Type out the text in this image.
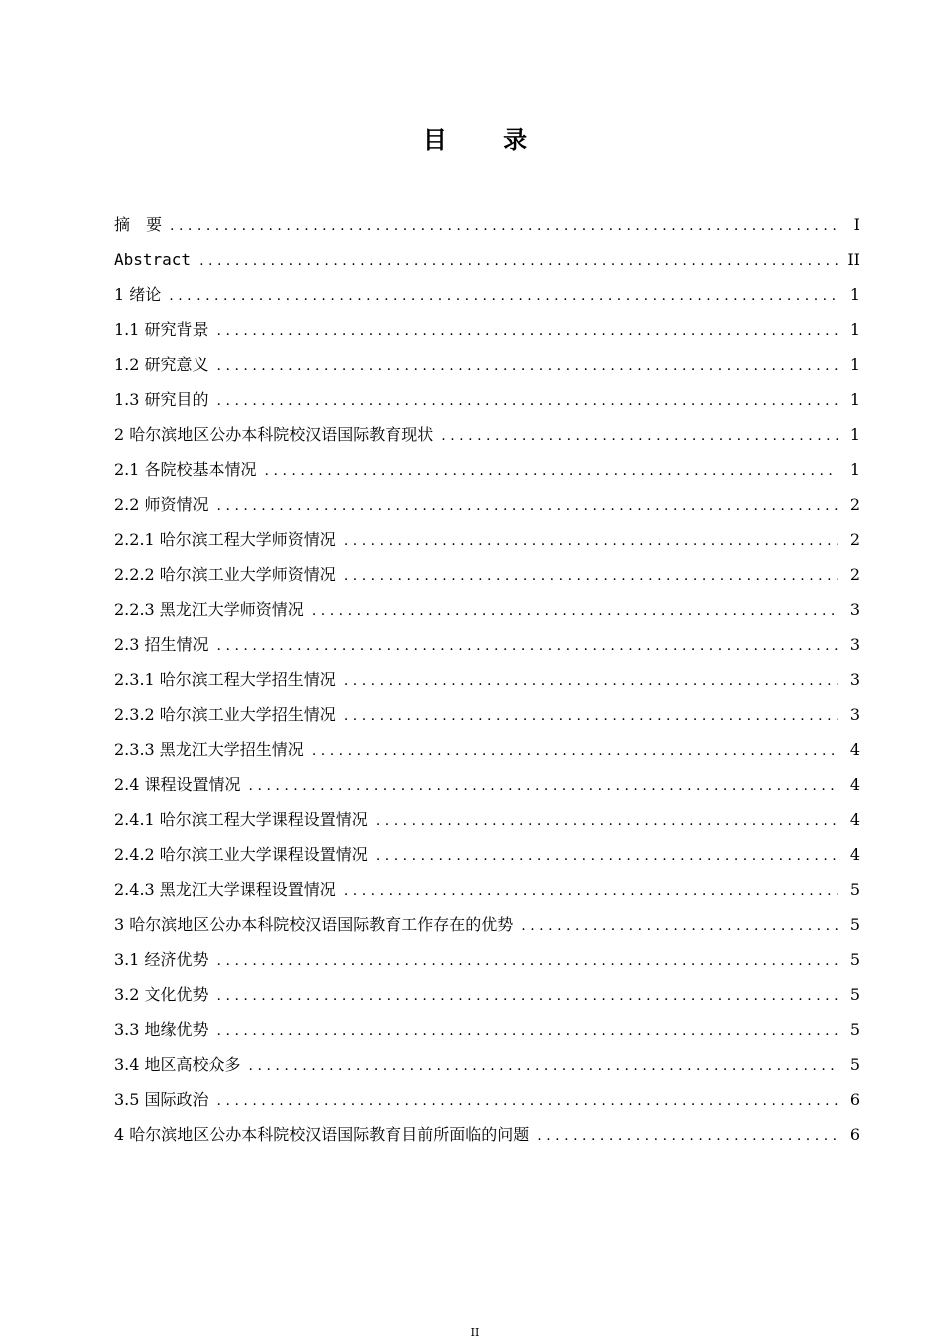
目 录
摘　要 .....	I
Abstract .....	II
1 绪论 .....	1
1.1 研究背景 .....	1
1.2 研究意义 .....	1
1.3 研究目的 .....	1
2 哈尔滨地区公办本科院校汉语国际教育现状 .....	1
2.1 各院校基本情况 .....	1
2.2 师资情况 .....	2
2.2.1 哈尔滨工程大学师资情况 .....	2
2.2.2 哈尔滨工业大学师资情况 .....	2
2.2.3 黑龙江大学师资情况 .....	3
2.3 招生情况 .....	3
2.3.1 哈尔滨工程大学招生情况 .....	3
2.3.2 哈尔滨工业大学招生情况 .....	3
2.3.3 黑龙江大学招生情况 .....	4
2.4 课程设置情况 .....	4
2.4.1 哈尔滨工程大学课程设置情况 .....	4
2.4.2 哈尔滨工业大学课程设置情况 .....	4
2.4.3 黑龙江大学课程设置情况 .....	5
3 哈尔滨地区公办本科院校汉语国际教育工作存在的优势 .....	5
3.1 经济优势 .....	5
3.2 文化优势 .....	5
3.3 地缘优势 .....	5
3.4 地区高校众多 .....	5
3.5 国际政治 .....	6
4 哈尔滨地区公办本科院校汉语国际教育目前所面临的问题 .....	6
II
